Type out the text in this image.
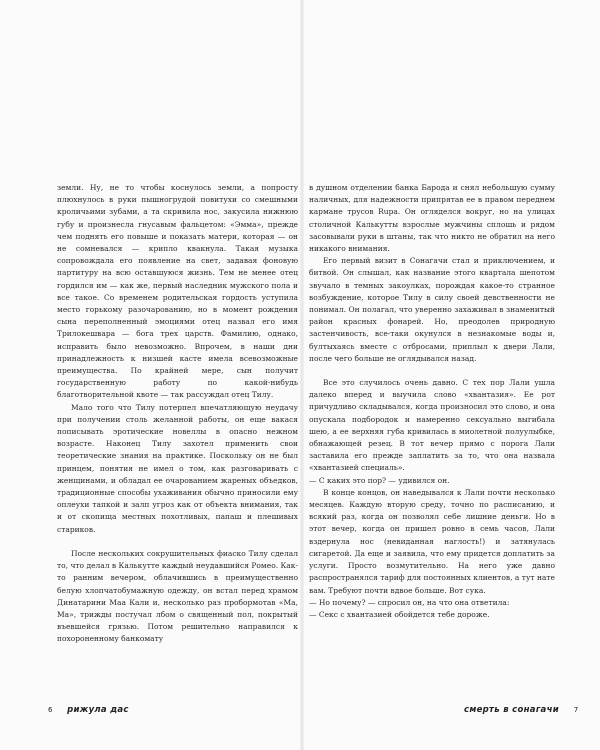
земли. Ну, не то чтобы коснулось земли, а попросту плюхнулось в руки пышногрудой повитухи со смешными кроличьими зубами, а та скривила нос, закусила нижнюю губу и произнесла гнусавым фальцетом: «Эмма», прежде чем поднять его повыше и показать матери, которая — он не сомневался — крипло квакнула. Такая музыка сопровождала его появление на свет, задавая фоновую партитуру на всю оставшуюся жизнь. Тем не менее отец гордился им — как же, первый наследник мужского пола и все такое. Со временем родительская гордость уступила место горькому разочарованию, но в момент рождения сына переполненный эмоциями отец назвал его имя Трилокешвара — бога трех царств. Фамилию, однако, исправить было невозможно. Впрочем, в наши дни принадлежность к низшей касте имела всевозможные преимущества. По крайней мере, сын получит государственную работу по какой-нибудь благотворительной квоте — так рассуждал отец Тилу.

Мало того что Тилу потерпел впечатляющую неудачу при получении столь желанной работы, он еще вакася пописывать эротические новеллы в опасно нежном возрасте. Наконец Тилу захотел применить свои теоретические знания на практике. Поскольку он не был принцем, понятия не имел о том, как разговаривать с женщинами, и обладал ее очарованием жареных объедков, традиционные способы ухаживания обычно приносили ему оплеухи тапкой и залп угроз как от объекта внимания, так и от скопища местных похотливых, папаш и плешивых стариков.

После нескольких сокрушительных фиаско Тилу сделал то, что делал в Калькутте каждый неудавшийся Ромео. Как-то ранним вечером, облачившись в преимущественно белую хлопчатобумажную одежду, он встал перед храмом Динатарини Маа Кали и, несколько раз пробормотав «Ма, Ма», трижды постучал лбом о священный пол, покрытый въевшейся грязью. Потом решительно направился к похороненному банкомату

в душном отделении банка Барода и снял небольшую сумму наличных, для надежности припрятав ее в правом переднем кармане трусов Rupa. Он огляделся вокруг, но на улицах столичной Калькутты взрослые мужчины сплошь и рядом засовывали руки в штаны, так что никто не обратил на него никакого внимания.

Его первый визит в Сонагачи стал и приключением, и битвой. Он слышал, как название этого квартала шепотом звучало в темных закоулках, порождая какое-то странное возбуждение, которое Тилу в силу своей девственности не понимал. Он полагал, что уверенно захаживал в знаменитый район красных фонарей. Но, преодолев природную застенчивость, все-таки окунулся в незнакомые воды и, бултыхаясь вместе с отбросами, приплыл к двери Лали, после чего больше не оглядывался назад.

Все это случилось очень давно. С тех пор Лали ушла далеко вперед и выучила слово «хвантазия». Ее рот причудливо складывался, когда произносил это слово, и она опускала подбородок и намеренно сексуально выгибала шею, а ее верхняя губа кривилась в миолетной полуулыбке, обнажающей резец. В тот вечер прямо с порога Лали заставила его прежде заплатить за то, что она назвала «хвантазией специаль».

— С каких это пор? — удивился он.

В конце концов, он наведывался к Лали почти несколько месяцев. Каждую вторую среду, точно по расписанию, и всякий раз, когда он позволял себе лишние деньги. Но в этот вечер, когда он пришел ровно в семь часов, Лали вздернула нос (невиданная наглость!) и затянулась сигаретой. Да еще и заявила, что ему придется доплатить за услуги. Просто возмутительно. На него уже давно распространялся тариф для постоянных клиентов, а тут нате вам. Требуют почти вдвое больше. Вот сука.

— Но почему? — спросил он, на что она ответила:

— Секс с хвантазией обойдется тебе дороже.

6 рижула дас	смерть в сонагачи 7
